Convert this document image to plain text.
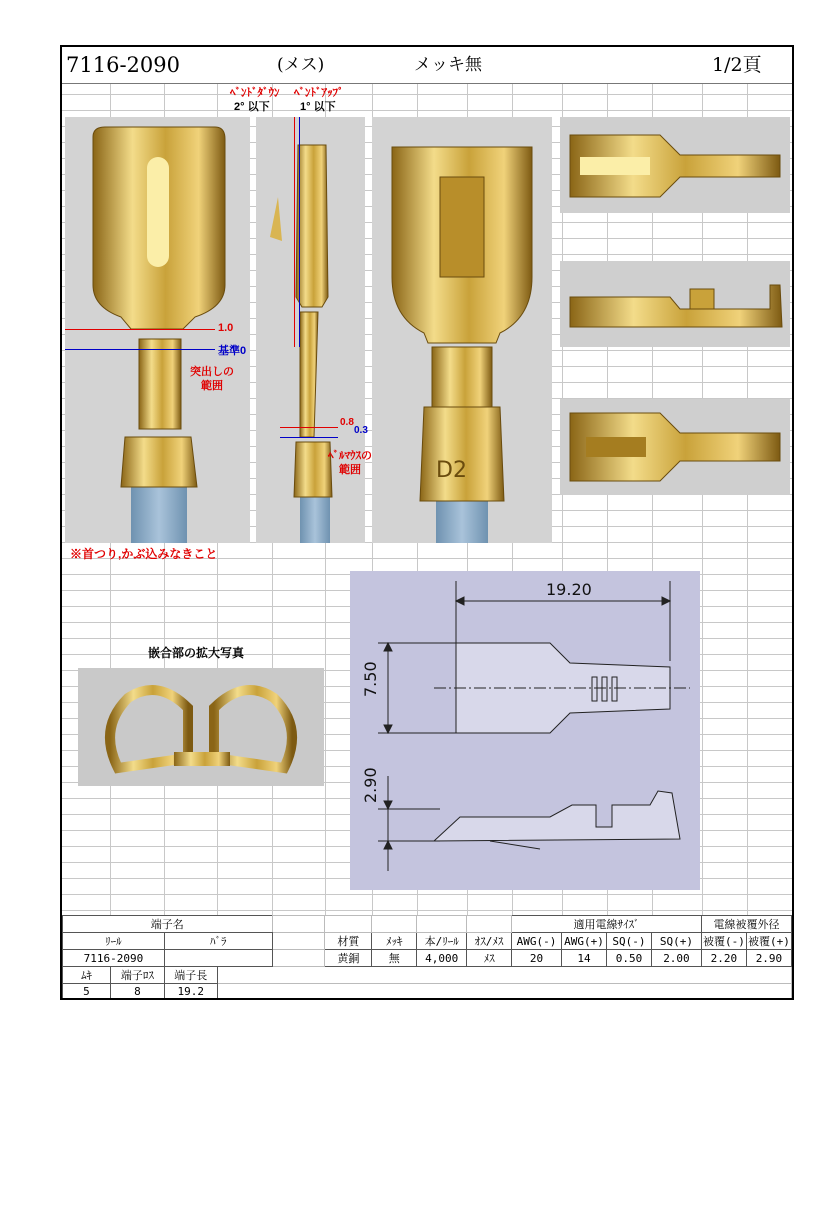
7116-2090	(メス)	メッキ無	1/2頁
1.0
基準0
突出しの
範囲
ﾍﾞﾝﾄﾞﾀﾞｳﾝ
2° 以下
ﾍﾞﾝﾄﾞｱｯﾌﾟ
1° 以下
0.8
0.3
ﾍﾞﾙﾏｳｽの
範囲	D2
※首つり,かぶ込みなきこと
嵌合部の拡大写真
19.20
7.50
2.90
端子名									適用電線ｻｲｽﾞ				電線被覆外径	
ﾘｰﾙ		ﾊﾞﾗ			材質	ﾒｯｷ	本/ﾘｰﾙ	ｵｽ/ﾒｽ	AWG(-)	AWG(+)	SQ(-)	SQ(+)	被覆(-)	被覆(+)
7116-2090					黄銅	無	4,000	ﾒｽ	20	14	0.50	2.00	2.20	2.90
ﾑｷ	端子ﾛｽ	端子長												
5	8	19.2												
